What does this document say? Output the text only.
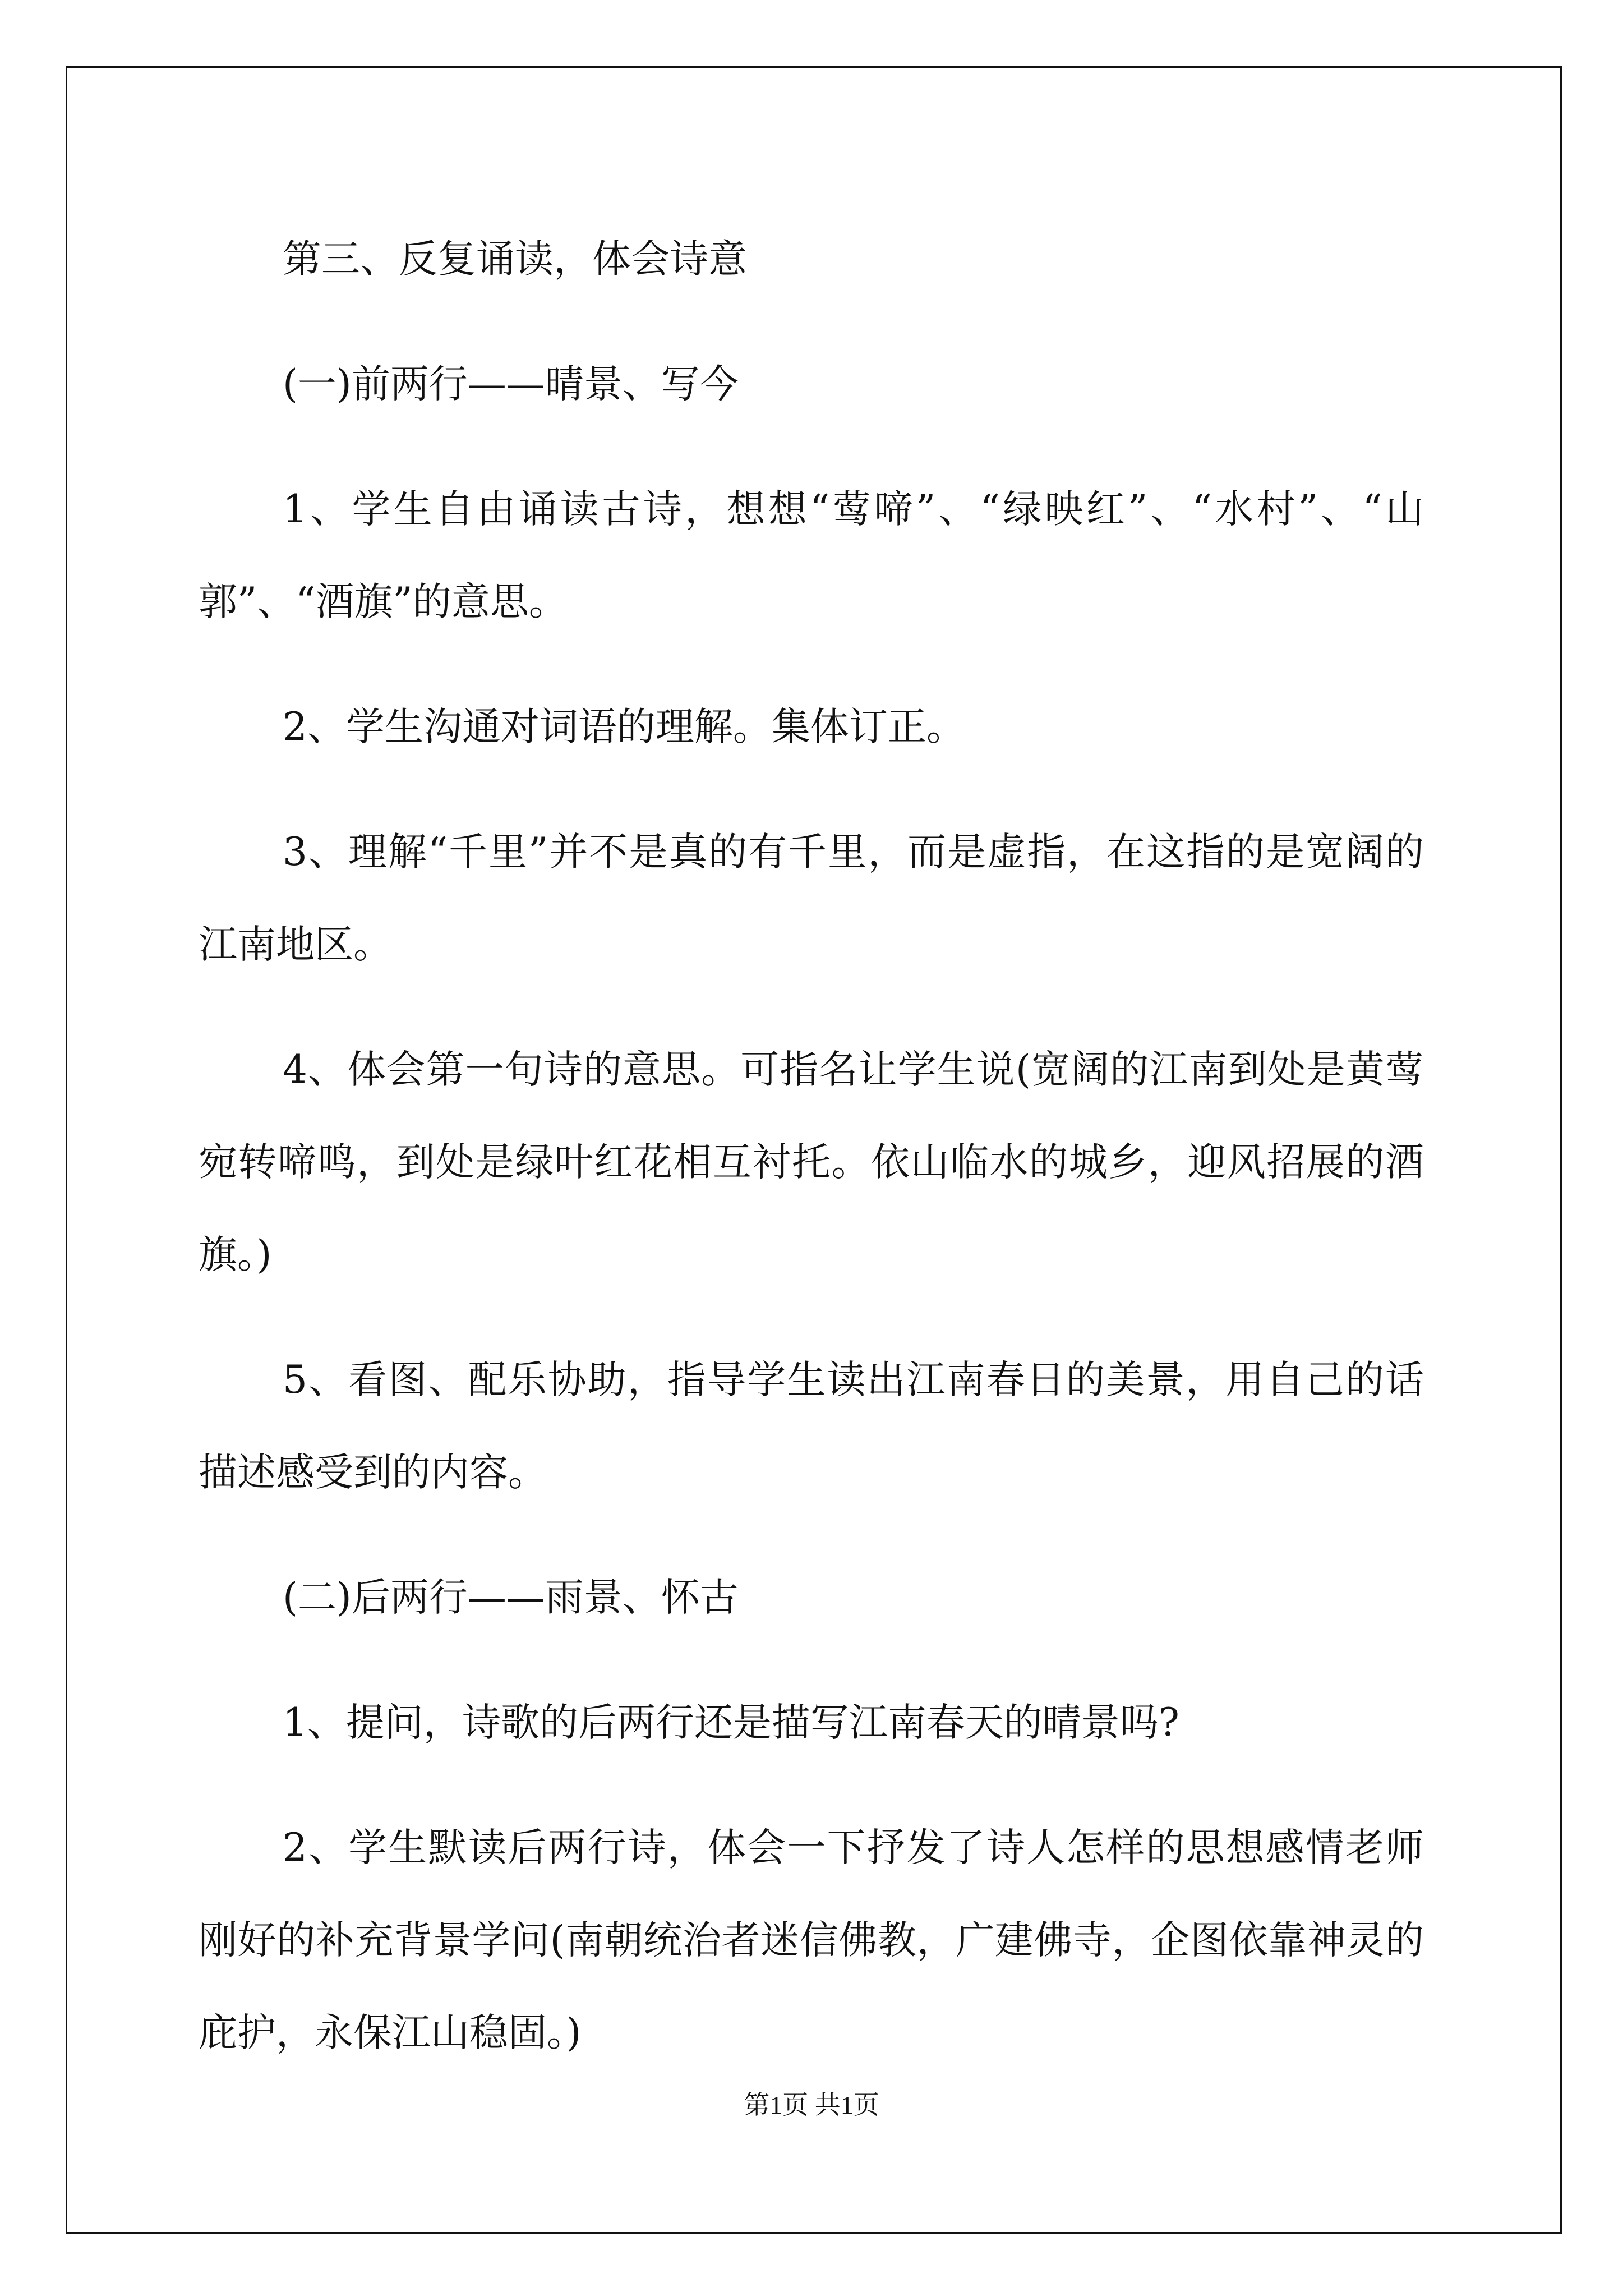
第三、反复诵读，体会诗意

(一)前两行——晴景、写今

1、学生自由诵读古诗，想想“莺啼”、“绿映红”、“水村”、“山郭”、“酒旗”的意思。

2、学生沟通对词语的理解。集体订正。

3、理解“千里”并不是真的有千里，而是虚指，在这指的是宽阔的江南地区。

4、体会第一句诗的意思。可指名让学生说(宽阔的江南到处是黄莺宛转啼鸣，到处是绿叶红花相互衬托。依山临水的城乡，迎风招展的酒旗。)

5、看图、配乐协助，指导学生读出江南春日的美景，用自己的话描述感受到的内容。

(二)后两行——雨景、怀古

1、提问，诗歌的后两行还是描写江南春天的晴景吗?

2、学生默读后两行诗，体会一下抒发了诗人怎样的思想感情老师刚好的补充背景学问(南朝统治者迷信佛教，广建佛寺，企图依靠神灵的庇护，永保江山稳固。)

第1页 共1页
